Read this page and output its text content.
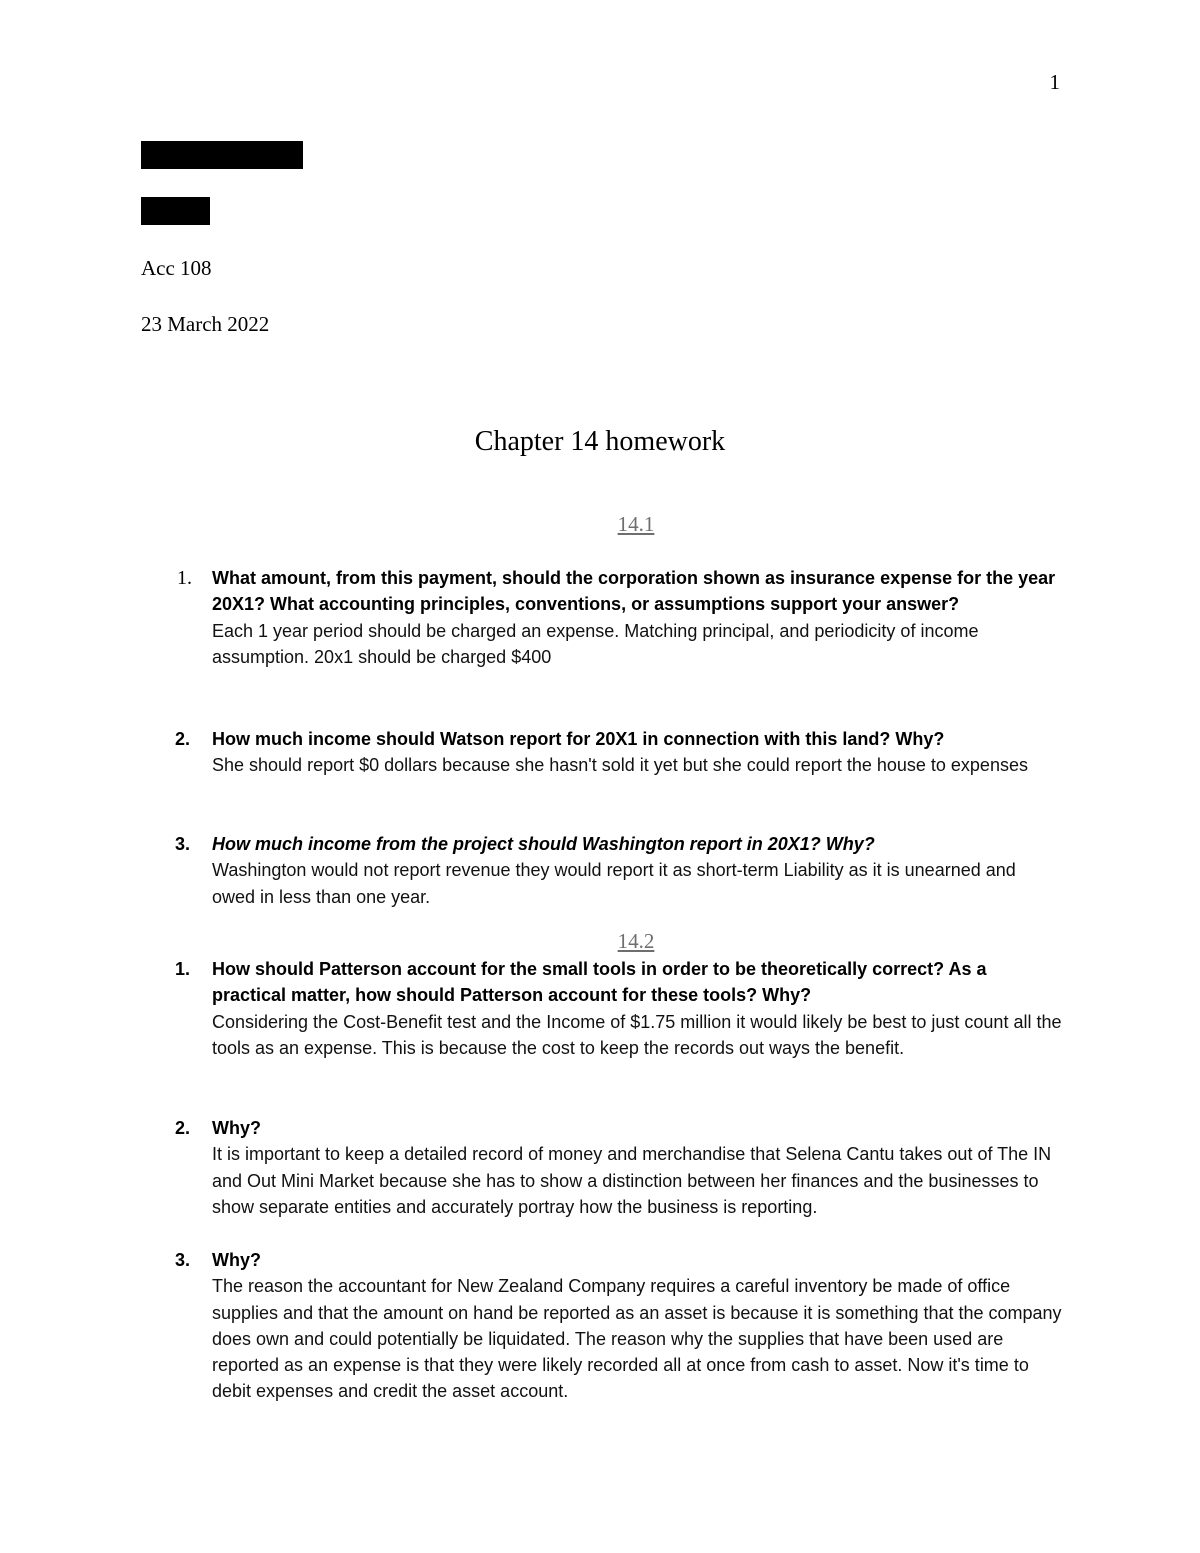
1
Acc 108
23 March 2022
Chapter 14 homework
14.1
1. What amount, from this payment, should the corporation shown as insurance expense for the year 20X1? What accounting principles, conventions, or assumptions support your answer?

Each 1 year period should be charged an expense. Matching principal, and periodicity of income assumption. 20x1 should be charged $400

2. How much income should Watson report for 20X1 in connection with this land? Why?

She should report $0 dollars because she hasn't sold it yet but she could report the house to expenses

3. How much income from the project should Washington report in 20X1? Why?

Washington would not report revenue they would report it as short-term Liability as it is unearned and owed in less than one year.

14.2
1. How should Patterson account for the small tools in order to be theoretically correct? As a practical matter, how should Patterson account for these tools? Why?

Considering the Cost-Benefit test and the Income of $1.75 million it would likely be best to just count all the tools as an expense. This is because the cost to keep the records out ways the benefit.

2. Why?

It is important to keep a detailed record of money and merchandise that Selena Cantu takes out of The IN and Out Mini Market because she has to show a distinction between her finances and the businesses to show separate entities and accurately portray how the business is reporting.

3. Why?

The reason the accountant for New Zealand Company requires a careful inventory be made of office supplies and that the amount on hand be reported as an asset is because it is something that the company does own and could potentially be liquidated. The reason why the supplies that have been used are reported as an expense is that they were likely recorded all at once from cash to asset. Now it's time to debit expenses and credit the asset account.
